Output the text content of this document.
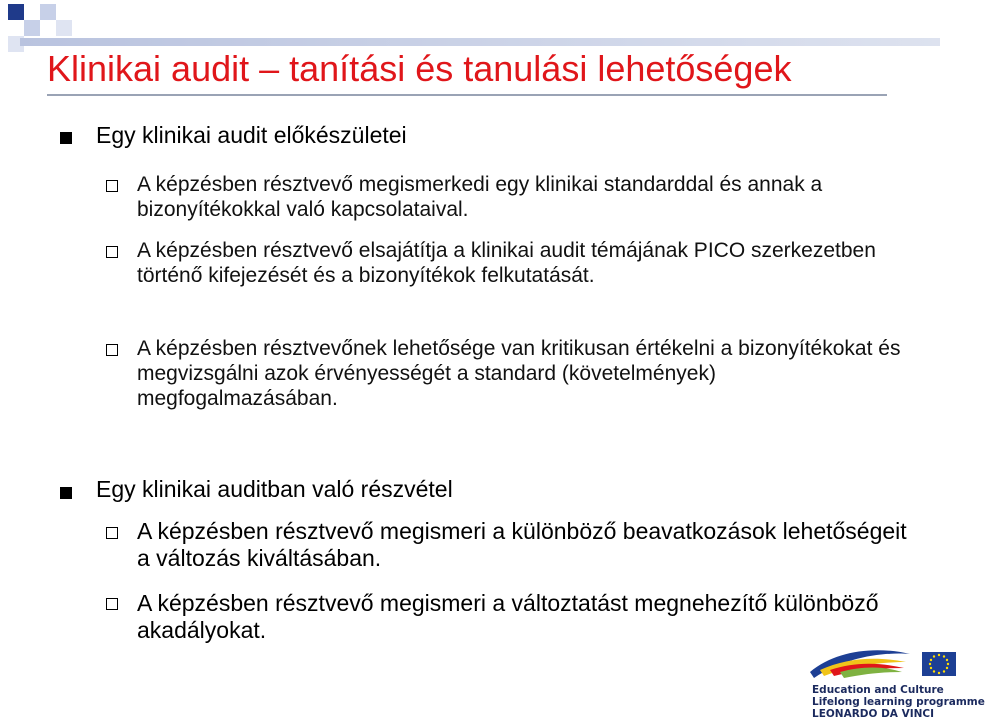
Klinikai audit – tanítási és tanulási lehetőségek
Egy klinikai audit előkészületei
A képzésben résztvevő megismerkedi egy klinikai standarddal és annak a bizonyítékokkal való kapcsolataival.
A képzésben résztvevő elsajátítja a klinikai audit témájának PICO szerkezetben történő kifejezését és a bizonyítékok felkutatását.
A képzésben résztvevőnek lehetősége van kritikusan értékelni a bizonyítékokat és megvizsgálni azok érvényességét a standard (követelmények) megfogalmazásában.
Egy klinikai auditban való részvétel
A képzésben résztvevő megismeri a különböző beavatkozások lehetőségeit a változás kiváltásában.
A képzésben résztvevő megismeri a változtatást megnehezítő különböző akadályokat.
Education and Culture
Lifelong learning programme
LEONARDO DA VINCI
